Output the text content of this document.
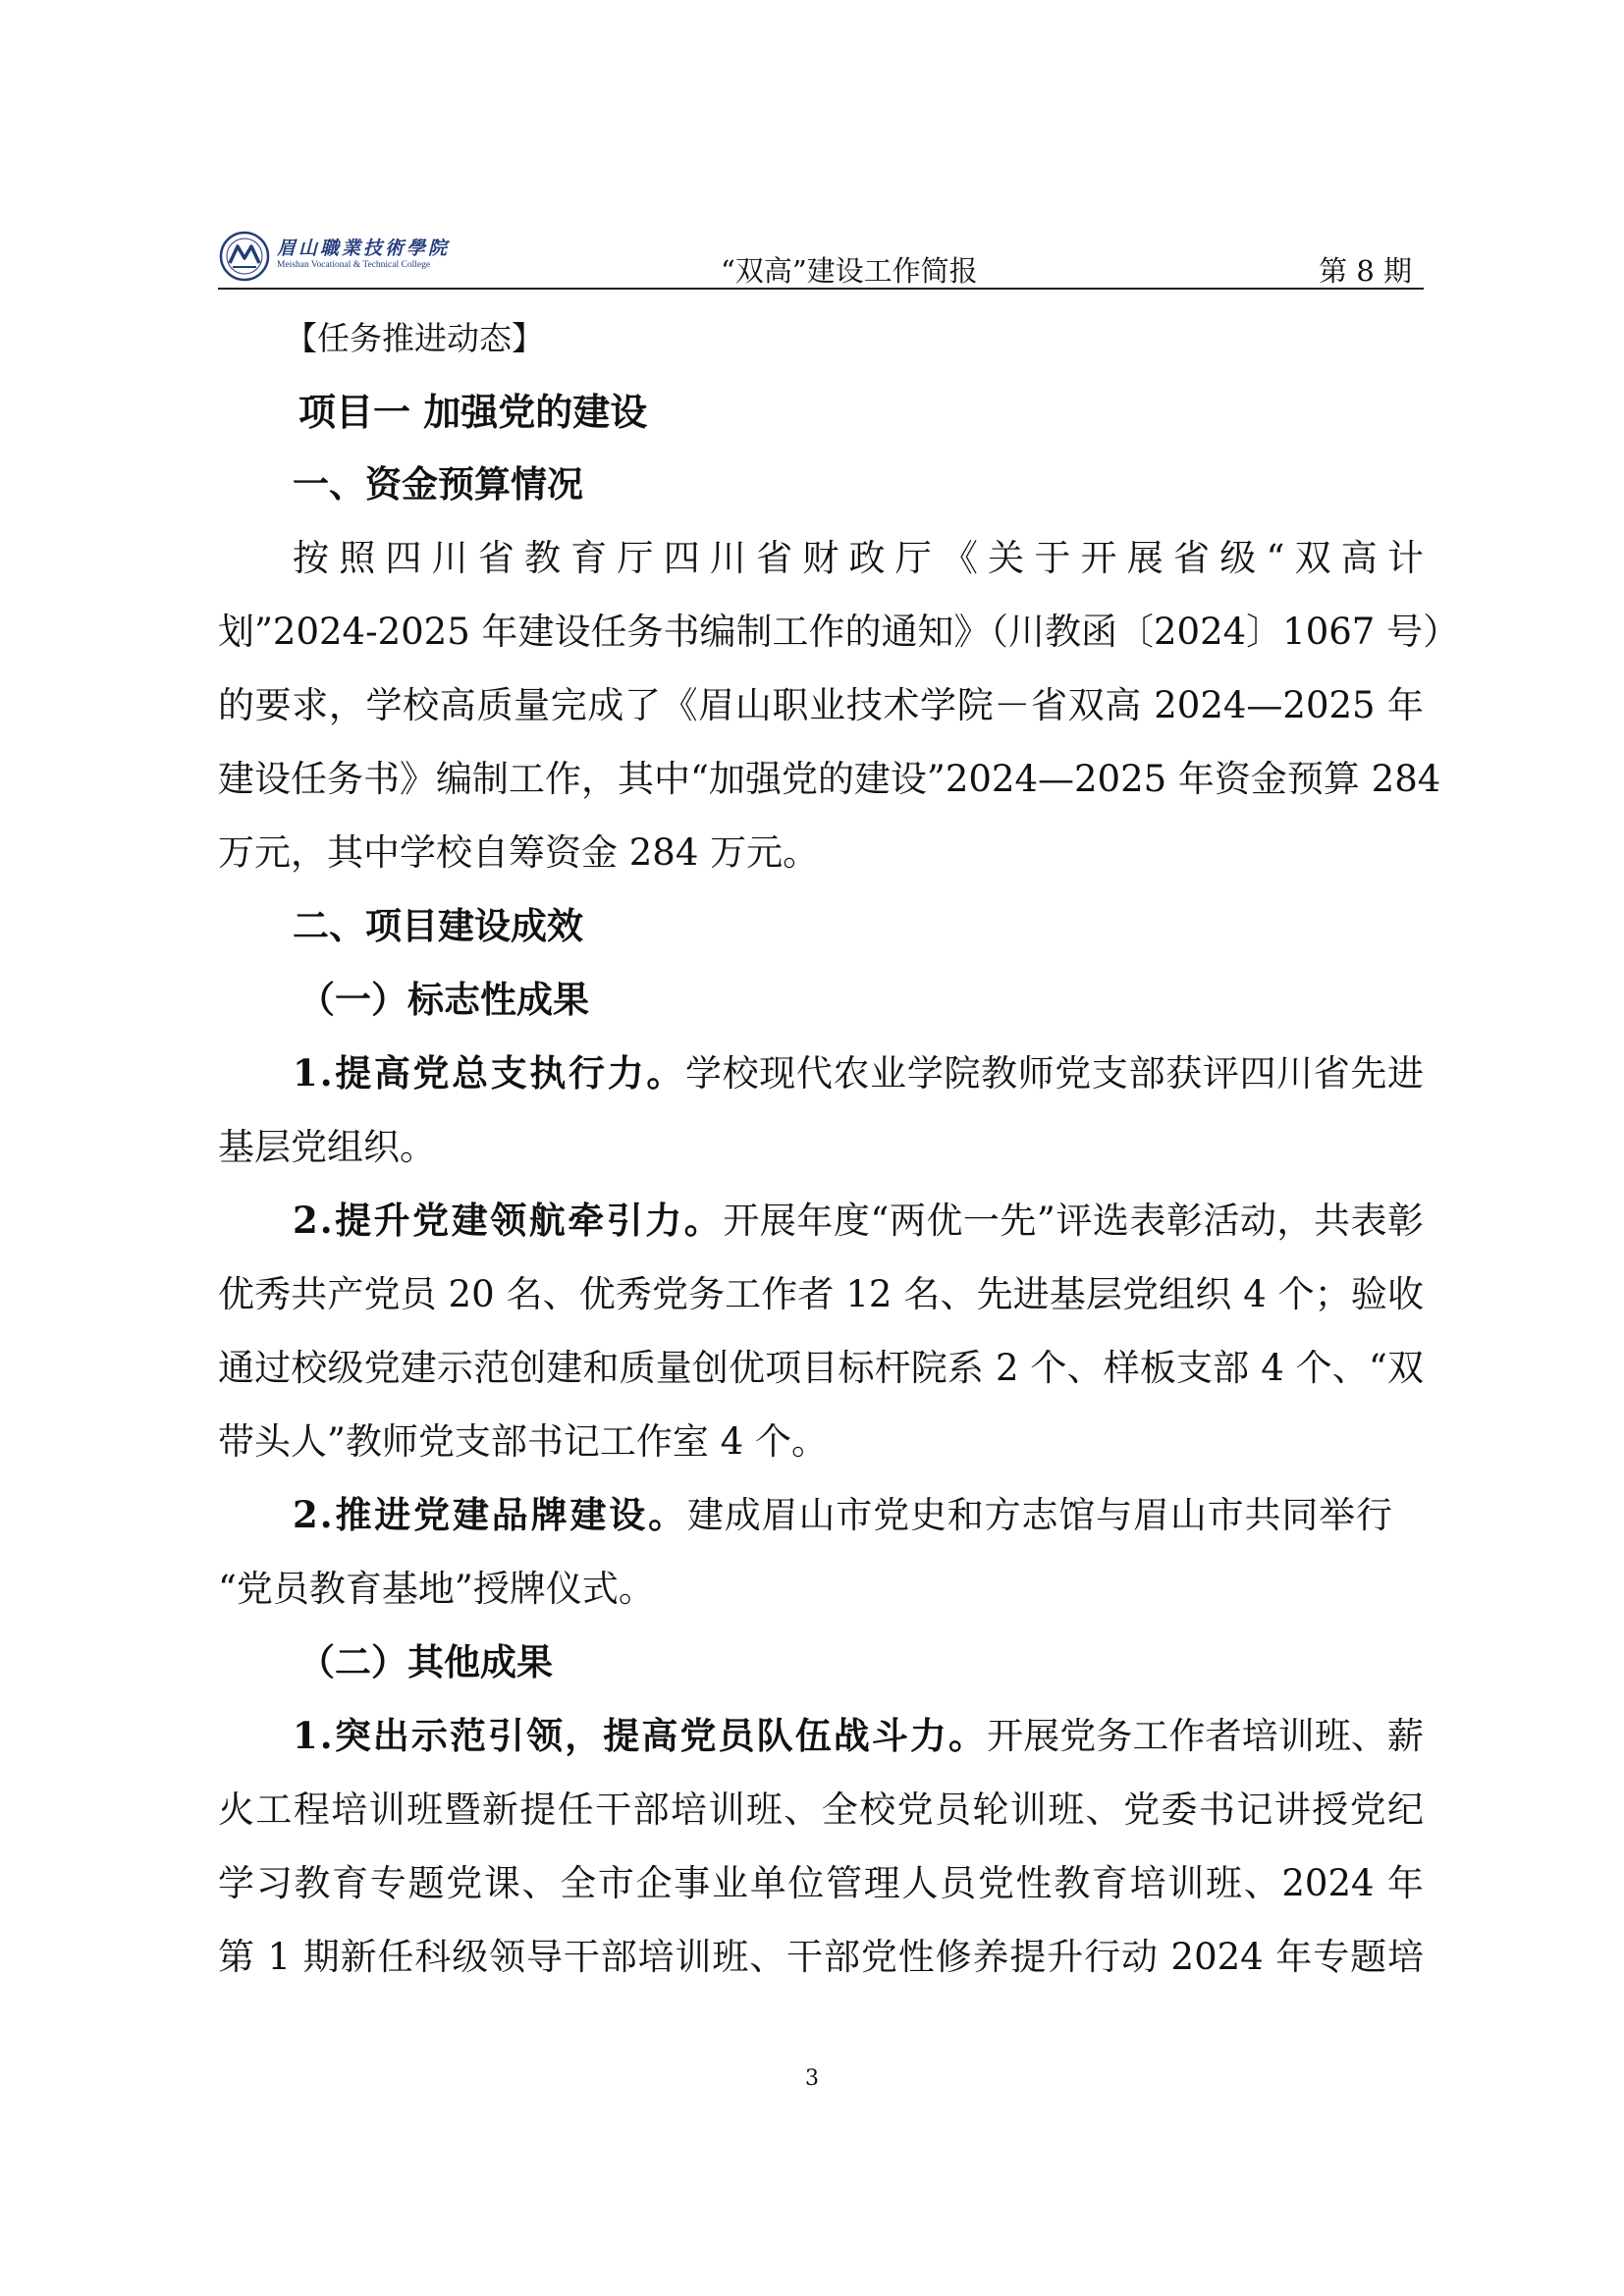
眉山職業技術學院
Meishan Vocational & Technical College	“双高”建设工作简报	第 8 期
【任务推进动态】
项目一 加强党的建设
一、资金预算情况
按照四川省教育厅四川省财政厅《关于开展省级“双高计
划”2024-2025 年建设任务书编制工作的通知》（川教函〔2024〕1067 号）
的要求，学校高质量完成了《眉山职业技术学院－省双高 2024—2025 年
建设任务书》编制工作，其中“加强党的建设”2024—2025 年资金预算 284
万元，其中学校自筹资金 284 万元。
二、项目建设成效
（一）标志性成果
1.提高党总支执行力。学校现代农业学院教师党支部获评四川省先进
基层党组织。
2.提升党建领航牵引力。开展年度“两优一先”评选表彰活动，共表彰
优秀共产党员 20 名、优秀党务工作者 12 名、先进基层党组织 4 个；验收
通过校级党建示范创建和质量创优项目标杆院系 2 个、样板支部 4 个、“双
带头人”教师党支部书记工作室 4 个。
2.推进党建品牌建设。建成眉山市党史和方志馆与眉山市共同举行
“党员教育基地”授牌仪式。
（二）其他成果
1.突出示范引领，提高党员队伍战斗力。开展党务工作者培训班、薪
火工程培训班暨新提任干部培训班、全校党员轮训班、党委书记讲授党纪
学习教育专题党课、全市企事业单位管理人员党性教育培训班、2024 年
第 1 期新任科级领导干部培训班、干部党性修养提升行动 2024 年专题培
3
